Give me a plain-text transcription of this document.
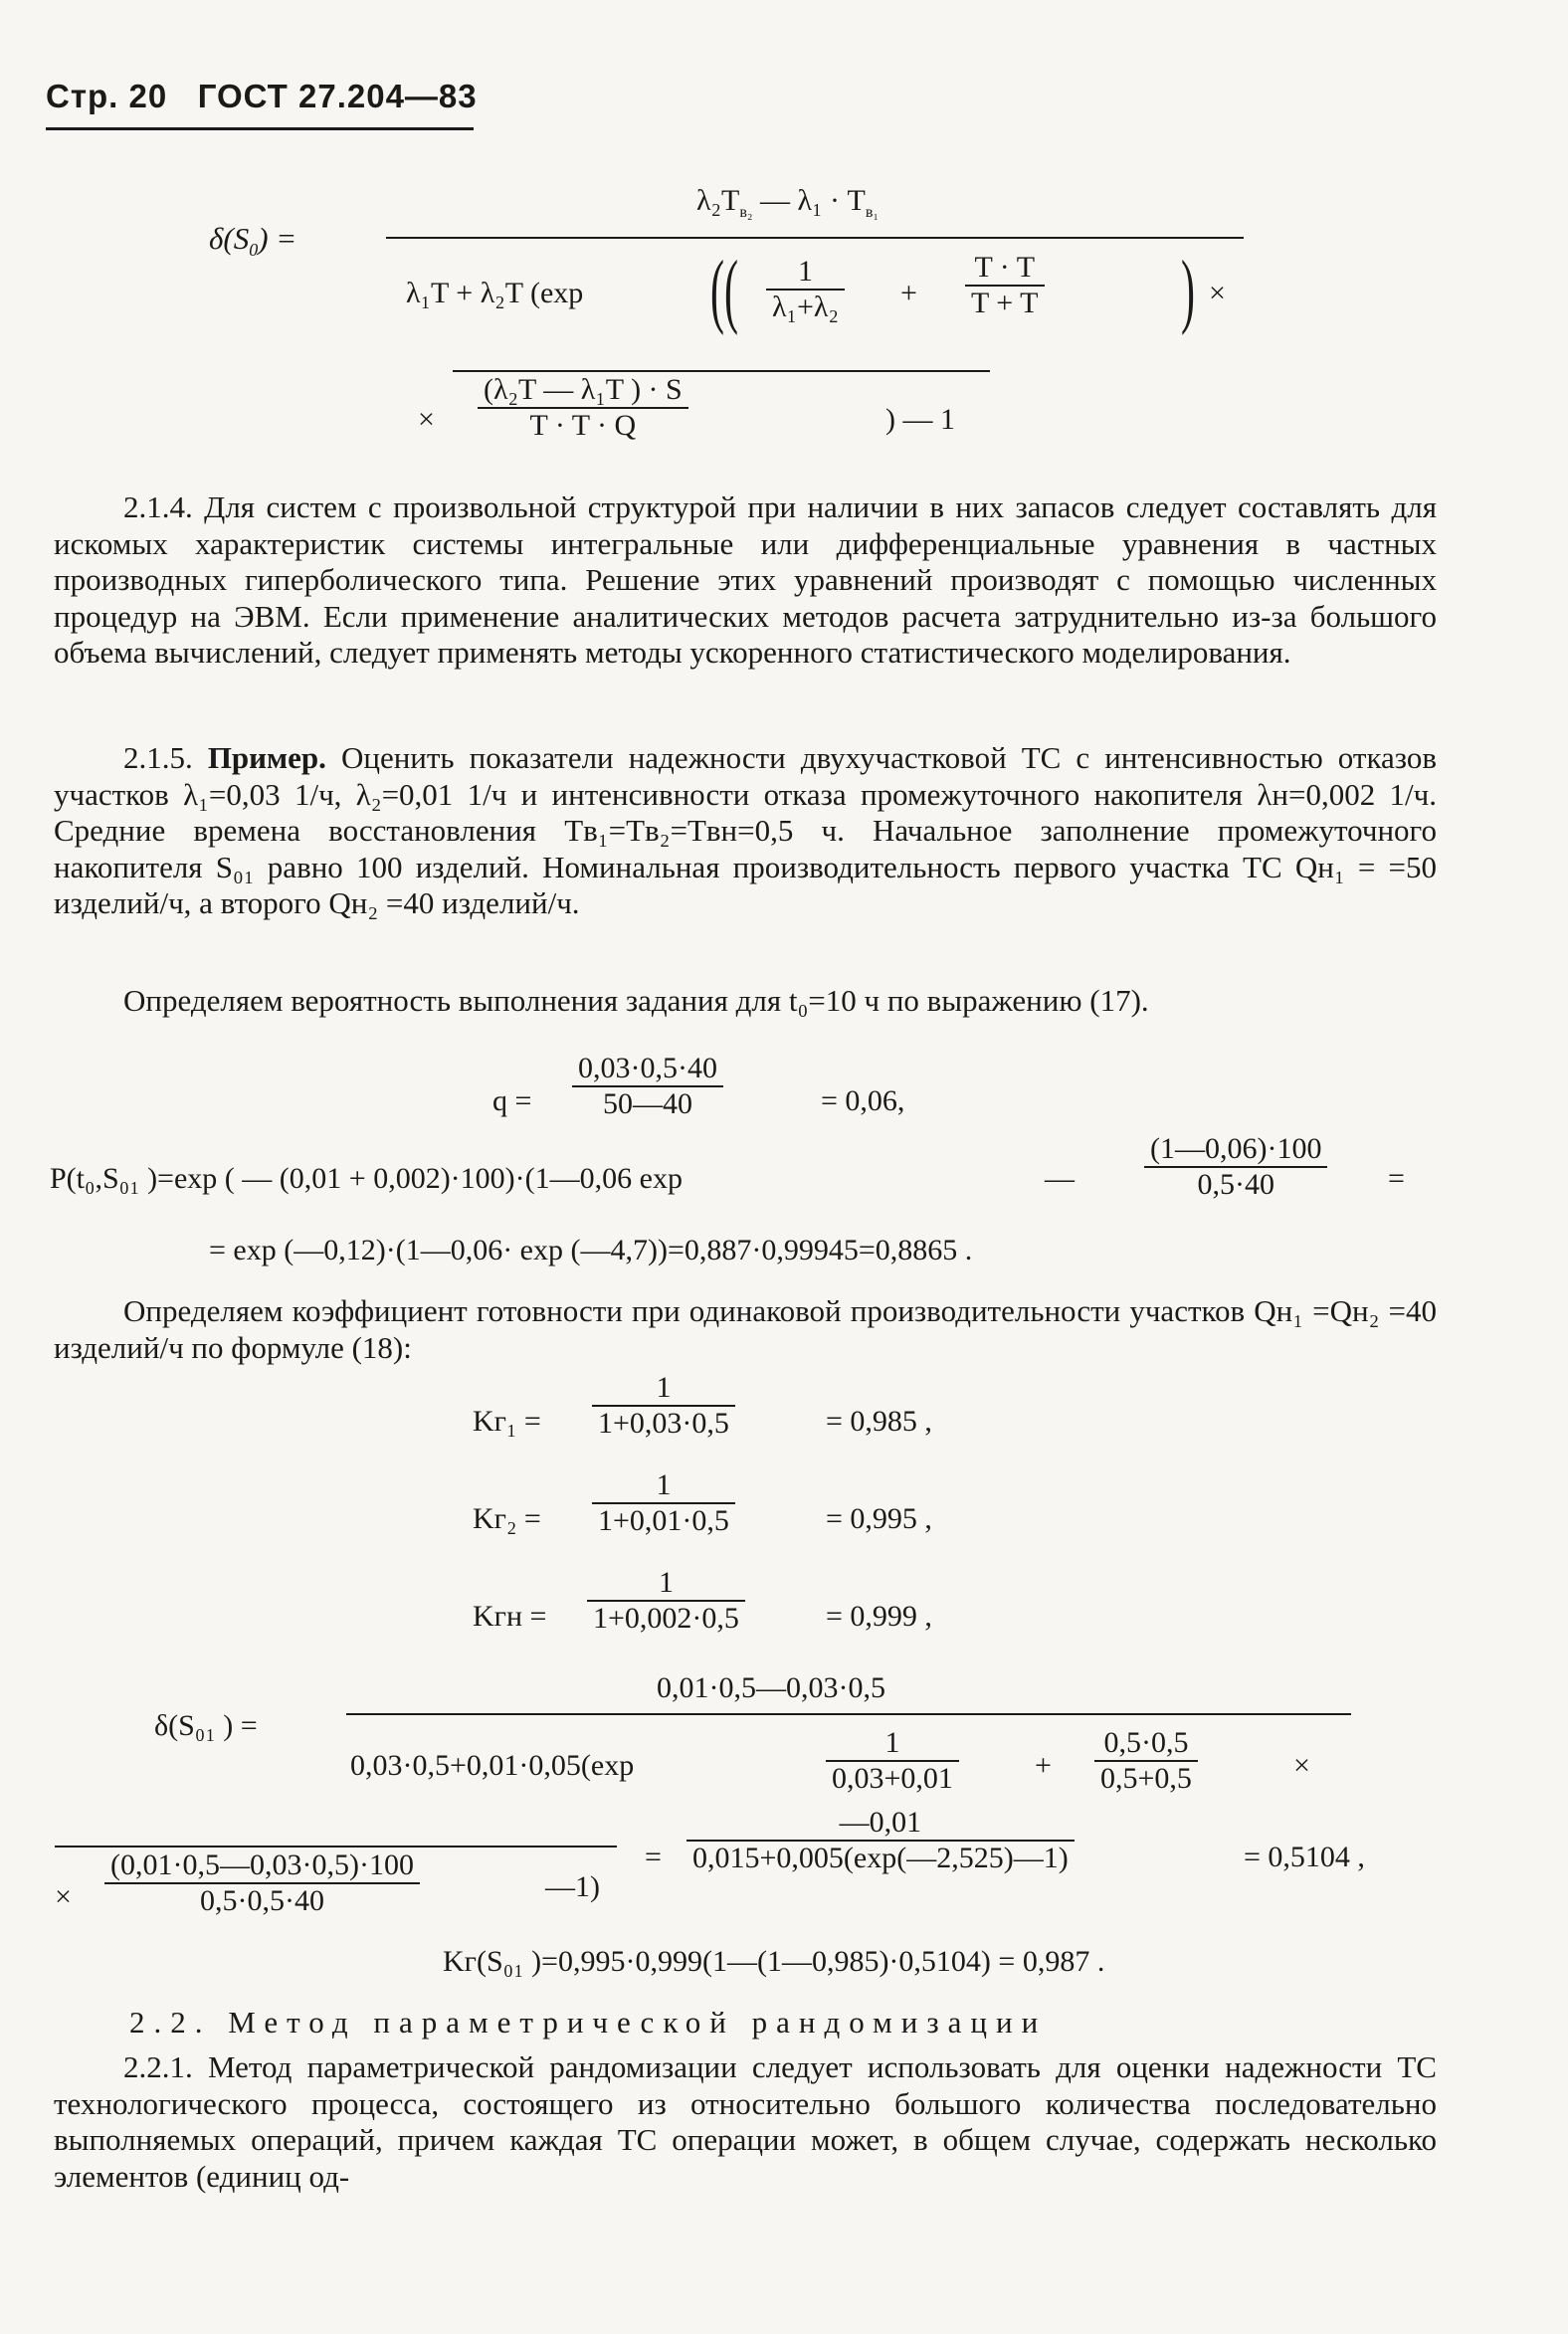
Стр. 20 ГОСТ 27.204—83
$\delta(S_0)$ =
$\lambda_2T_{в_2}$ — $\lambda_1 \cdot T_{в_1}$
λ₁T + λ₂T (exp (( $\frac{1}{\text{λ₁+λ₂}} + \frac{T \cdot T}{T + T}$ ) ×
× $\frac{\text{(λ₂T — λ₁T ) · S}}{T \cdot T \cdot Q}$	) — 1
2.1.4. Для систем с произвольной структурой при наличии в них запасов следует составлять для искомых характеристик системы интегральные или дифференциальные уравнения в частных производных гиперболического типа. Решение этих уравнений производят с помощью численных процедур на ЭВМ. Если применение аналитических методов расчета затруднительно из-за большого объема вычислений, следует применять методы ускоренного статистического моделирования.
2.1.5. Пример. Оценить показатели надежности двухучастковой ТС с интенсивностью отказов участков λ₁=0,03 1/ч, λ₂=0,01 1/ч и интенсивности отказа промежуточного накопителя λн=0,002 1/ч. Средние времена восстановления Tв₁=Tв₂=Tвн=0,5 ч. Начальное заполнение промежуточного накопителя S₀₁ равно 100 изделий. Номинальная производительность первого участка ТС Qн₁ = =50 изделий/ч, а второго Qн₂ =40 изделий/ч.
Определяем вероятность выполнения задания для t₀=10 ч по выражению (17).
$q = \frac{0,03\cdot 0,5\cdot 40}{50—40}$	= 0,06,
P(t₀,S₀₁ )=exp ( — (0,01 + 0,002)·100)·(1—0,06 exp	— $\frac{(1—0,06)\cdot 100}{0,5\cdot 40}$ =
= exp (—0,12)·(1—0,06· exp (—4,7))=0,887·0,99945=0,8865 .
Определяем коэффициент готовности при одинаковой производительности участков Qн₁ =Qн₂ =40 изделий/ч по формуле (18):
$Kг_1 = \frac{1}{1+0,03\cdot 0,5}$	= 0,985 ,
$Kг_2 = \frac{1}{1+0,01\cdot 0,5}$	= 0,995 ,
Kгн = $\frac{1}{1+0,002\cdot 0,5}$	= 0,999 ,
δ(S₀₁ ) =
0,01·0,5—0,03·0,5
0,03·0,5+0,01·0,05(exp	$\frac{1}{0,03+0,01}$	+ $\frac{0,5\cdot 0,5}{0,5+0,5}$	×
× $\frac{(0,01\cdot 0,5—0,03\cdot 0,5)\cdot 100}{0,5\cdot 0,5\cdot 40}$	—1)
= $\frac{—0,01}{0,015+0,005(\exp(—2,525)—1)}$	= 0,5104 ,
Kг(S₀₁ )=0,995·0,999(1—(1—0,985)·0,5104) = 0,987 .
2.2. Метод параметрической рандомизации
2.2.1. Метод параметрической рандомизации следует использовать для оценки надежности ТС технологического процесса, состоящего из относительно большого количества последовательно выполняемых операций, причем каждая ТС операции может, в общем случае, содержать несколько элементов (единиц од-
